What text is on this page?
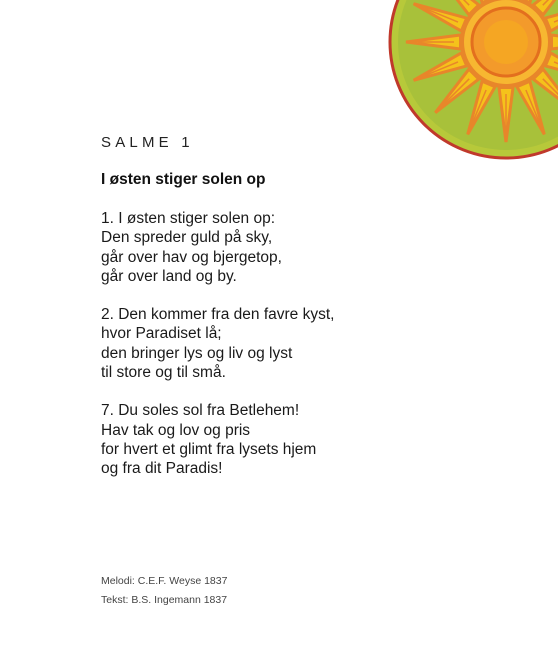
SALME 1
I østen stiger solen op
1. I østen stiger solen op:
Den spreder guld på sky,
går over hav og bjergetop,
går over land og by.
2. Den kommer fra den favre kyst,
hvor Paradiset lå;
den bringer lys og liv og lyst
til store og til små.
7. Du soles sol fra Betlehem!
Hav tak og lov og pris
for hvert et glimt fra lysets hjem
og fra dit Paradis!
Melodi: C.E.F. Weyse 1837
Tekst: B.S. Ingemann 1837
